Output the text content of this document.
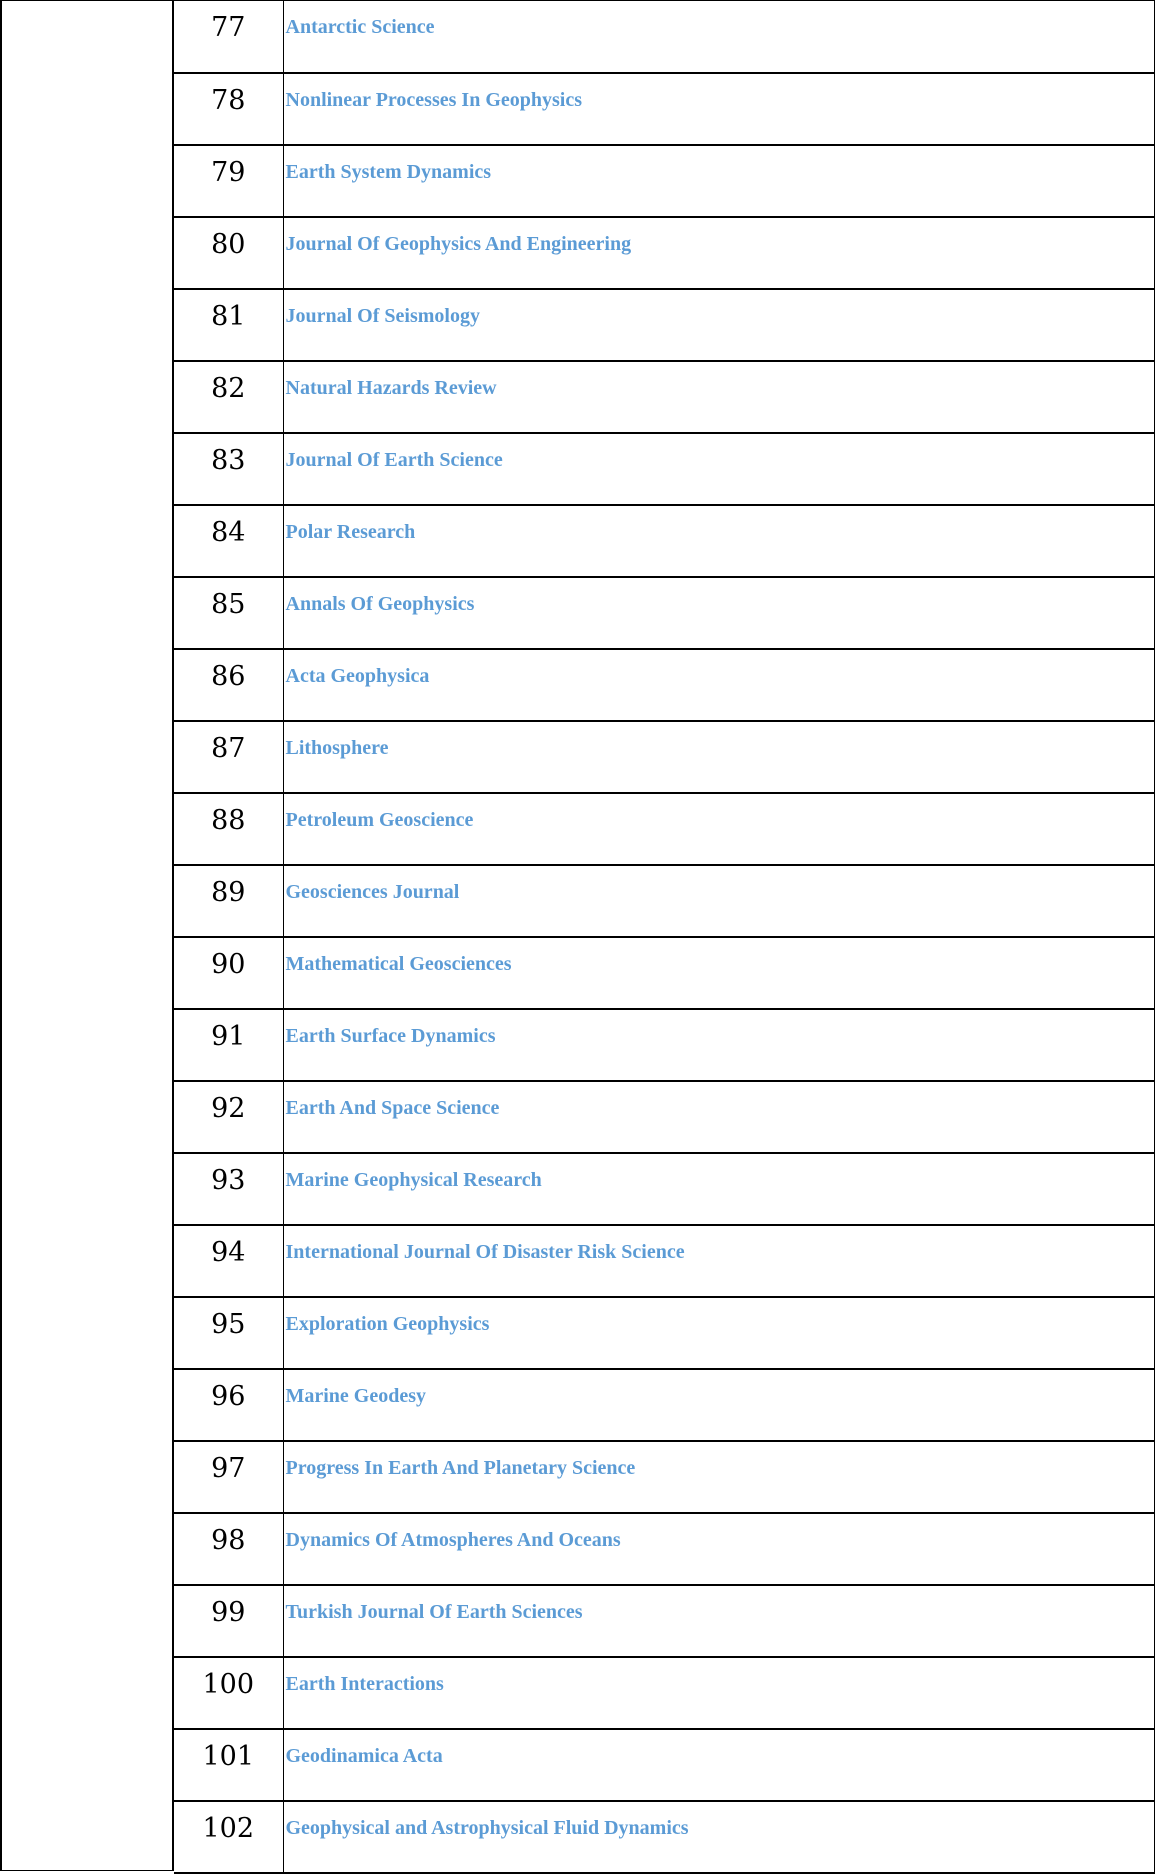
77	Antarctic Science
78	Nonlinear Processes In Geophysics
79	Earth System Dynamics
80	Journal Of Geophysics And Engineering
81	Journal Of Seismology
82	Natural Hazards Review
83	Journal Of Earth Science
84	Polar Research
85	Annals Of Geophysics
86	Acta Geophysica
87	Lithosphere
88	Petroleum Geoscience
89	Geosciences Journal
90	Mathematical Geosciences
91	Earth Surface Dynamics
92	Earth And Space Science
93	Marine Geophysical Research
94	International Journal Of Disaster Risk Science
95	Exploration Geophysics
96	Marine Geodesy
97	Progress In Earth And Planetary Science
98	Dynamics Of Atmospheres And Oceans
99	Turkish Journal Of Earth Sciences
100	Earth Interactions
101	Geodinamica Acta
102	Geophysical and Astrophysical Fluid Dynamics
